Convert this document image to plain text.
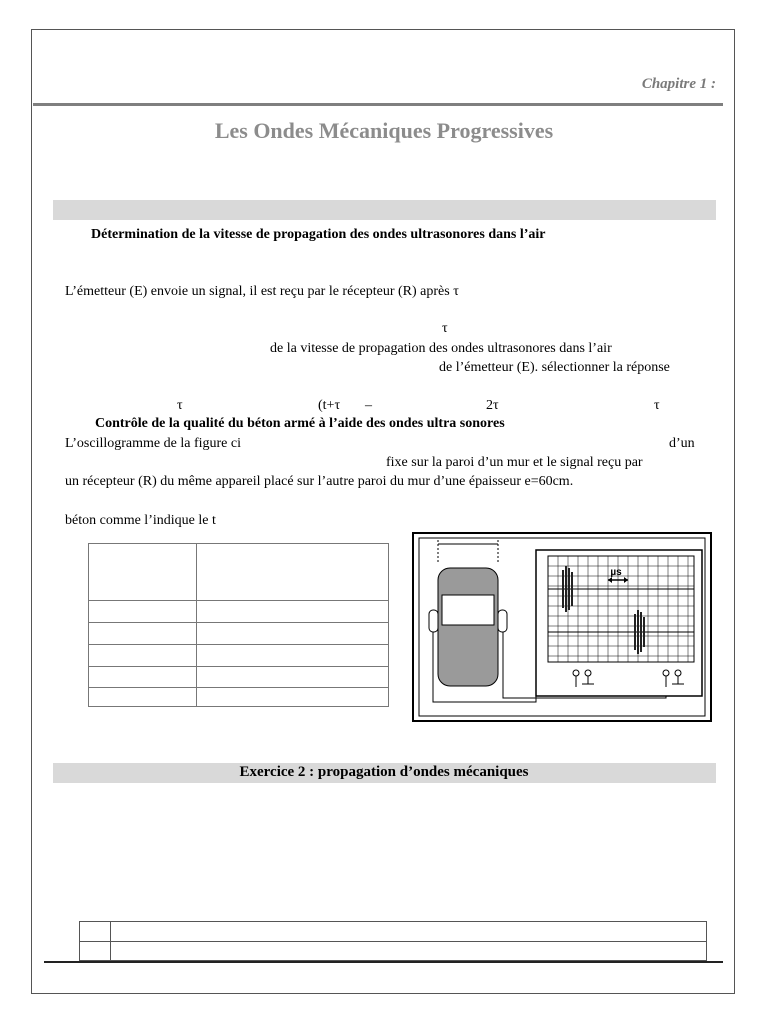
Chapitre 1 :
Les Ondes Mécaniques Progressives
Détermination de la vitesse de propagation des ondes ultrasonores dans l’air
L’émetteur (E) envoie un signal, il est reçu par le récepteur (R) après τ
τ
de la vitesse de propagation des ondes ultrasonores dans l’air
de l’émetteur (E). sélectionner la réponse
τ	(t+τ –	2τ	τ
Contrôle de la qualité du béton armé à l’aide des ondes ultra sonores
L’oscillogramme de la figure ci	d’un
fixe sur la paroi d’un mur et le signal reçu par
un récepteur (R) du même appareil placé sur l’autre paroi du mur d’une épaisseur e=60cm.
béton comme l’indique le t
µs
Exercice 2 : propagation d’ondes mécaniques
